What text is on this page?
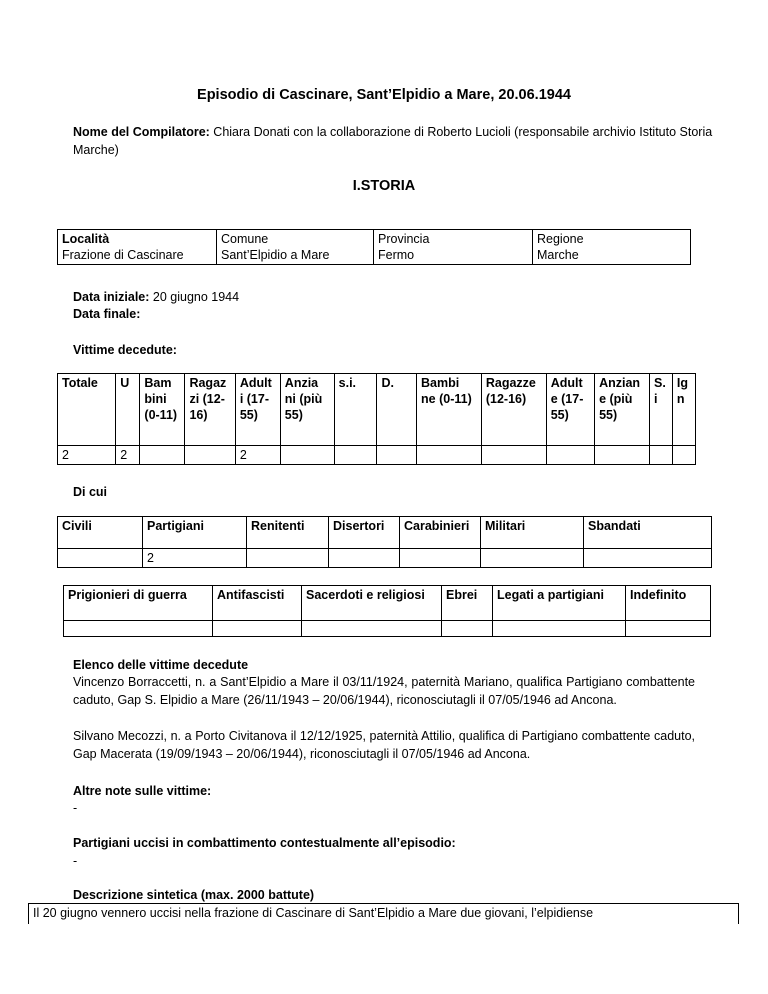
Episodio di Cascinare, Sant’Elpidio a Mare, 20.06.1944
Nome del Compilatore: Chiara Donati con la collaborazione di Roberto Lucioli (responsabile archivio Istituto Storia Marche)
I.STORIA
Località
Frazione di Cascinare

Comune
Sant’Elpidio a Mare

Provincia
Fermo

Regione
Marche
Data iniziale: 20 giugno 1944
Data finale:
Vittime decedute:
Totale	U	Bam bini (0-11)	Ragaz zi (12-16)	Adult i (17-55)	Anzia ni (più 55)	s.i.	D.	Bambi ne (0-11)	Ragazze (12-16)	Adult e (17-55)	Anzian e (più 55)	S. i	Ig n
2	2			2									
Di cui
Civili	Partigiani	Renitenti	Disertori	Carabinieri	Militari	Sbandati
	2					
Prigionieri di guerra	Antifascisti	Sacerdoti e religiosi	Ebrei	Legati a partigiani	Indefinito

Elenco delle vittime decedute
Vincenzo Borraccetti, n. a Sant’Elpidio a Mare il 03/11/1924, paternità Mariano, qualifica Partigiano combattente caduto, Gap S. Elpidio a Mare (26/11/1943 – 20/06/1944), riconosciutagli il 07/05/1946 ad Ancona.
Silvano Mecozzi, n. a Porto Civitanova il 12/12/1925, paternità Attilio, qualifica di Partigiano combattente caduto, Gap Macerata (19/09/1943 – 20/06/1944), riconosciutagli il 07/05/1946 ad Ancona.
Altre note sulle vittime:
-
Partigiani uccisi in combattimento contestualmente all’episodio:
-
Descrizione sintetica (max. 2000 battute)
Il 20 giugno vennero uccisi nella frazione di Cascinare di Sant’Elpidio a Mare due giovani, l’elpidiense
